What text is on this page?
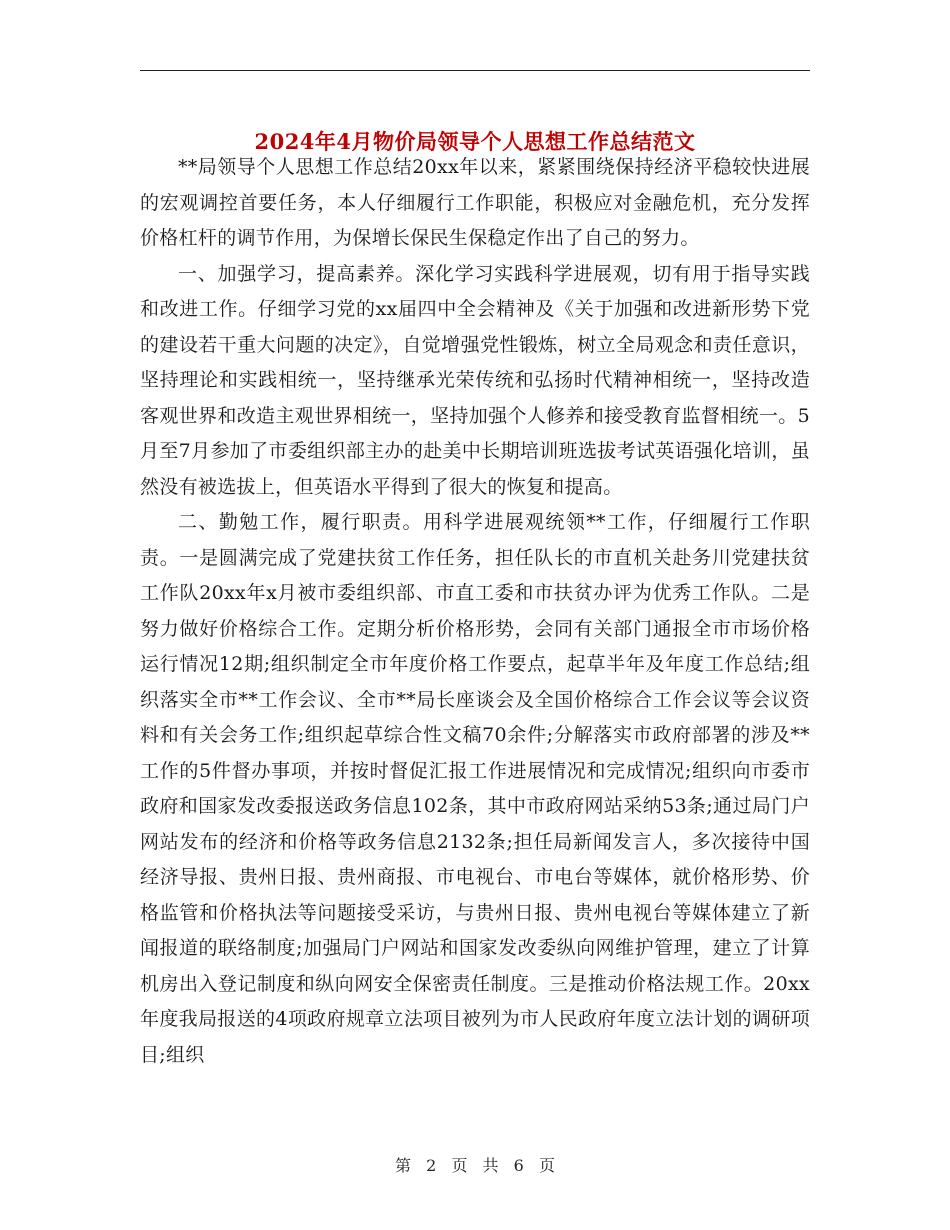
2024年4月物价局领导个人思想工作总结范文

**局领导个人思想工作总结20xx年以来，紧紧围绕保持经济平稳较快进展的宏观调控首要任务，本人仔细履行工作职能，积极应对金融危机，充分发挥价格杠杆的调节作用，为保增长保民生保稳定作出了自己的努力。

一、加强学习，提高素养。深化学习实践科学进展观，切有用于指导实践和改进工作。仔细学习党的xx届四中全会精神及《关于加强和改进新形势下党的建设若干重大问题的决定》，自觉增强党性锻炼，树立全局观念和责任意识，坚持理论和实践相统一，坚持继承光荣传统和弘扬时代精神相统一，坚持改造客观世界和改造主观世界相统一，坚持加强个人修养和接受教育监督相统一。5月至7月参加了市委组织部主办的赴美中长期培训班选拔考试英语强化培训，虽然没有被选拔上，但英语水平得到了很大的恢复和提高。

二、勤勉工作，履行职责。用科学进展观统领**工作，仔细履行工作职责。一是圆满完成了党建扶贫工作任务，担任队长的市直机关赴务川党建扶贫工作队20xx年x月被市委组织部、市直工委和市扶贫办评为优秀工作队。二是努力做好价格综合工作。定期分析价格形势，会同有关部门通报全市市场价格运行情况12期;组织制定全市年度价格工作要点，起草半年及年度工作总结;组织落实全市**工作会议、全市**局长座谈会及全国价格综合工作会议等会议资料和有关会务工作;组织起草综合性文稿70余件;分解落实市政府部署的涉及**工作的5件督办事项，并按时督促汇报工作进展情况和完成情况;组织向市委市政府和国家发改委报送政务信息102条，其中市政府网站采纳53条;通过局门户网站发布的经济和价格等政务信息2132条;担任局新闻发言人，多次接待中国经济导报、贵州日报、贵州商报、市电视台、市电台等媒体，就价格形势、价格监管和价格执法等问题接受采访，与贵州日报、贵州电视台等媒体建立了新闻报道的联络制度;加强局门户网站和国家发改委纵向网维护管理，建立了计算机房出入登记制度和纵向网安全保密责任制度。三是推动价格法规工作。20xx年度我局报送的4项政府规章立法项目被列为市人民政府年度立法计划的调研项目;组织

第 2 页 共 6 页
